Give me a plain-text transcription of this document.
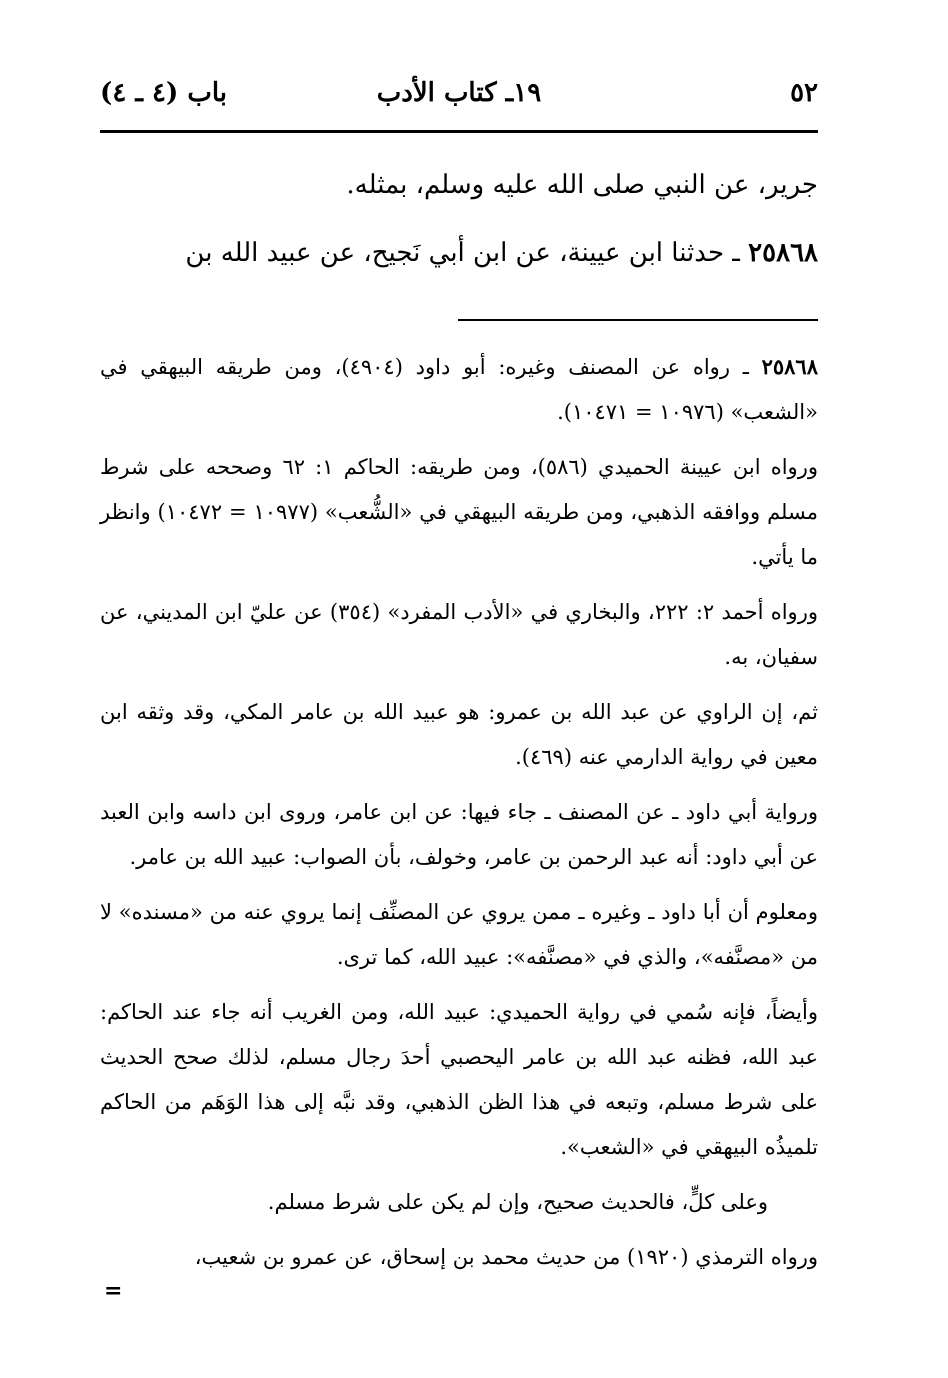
٥٢
١٩ـ كتاب الأدب
باب (٤ ـ ٤)

جرير، عن النبي صلى الله عليه وسلم، بمثله.

٢٥٨٦٨ ـ حدثنا ابن عيينة، عن ابن أبي نَجيح، عن عبيد الله بن

٢٥٨٦٨ ـ رواه عن المصنف وغيره: أبو داود (٤٩٠٤)، ومن طريقه البيهقي في «الشعب» (١٠٩٧٦ = ١٠٤٧١).

ورواه ابن عيينة الحميدي (٥٨٦)، ومن طريقه: الحاكم ١: ٦٢ وصححه على شرط مسلم ووافقه الذهبي، ومن طريقه البيهقي في «الشُّعب» (١٠٩٧٧ = ١٠٤٧٢) وانظر ما يأتي.

ورواه أحمد ٢: ٢٢٢، والبخاري في «الأدب المفرد» (٣٥٤) عن عليّ ابن المديني، عن سفيان، به.

ثم، إن الراوي عن عبد الله بن عمرو: هو عبيد الله بن عامر المكي، وقد وثقه ابن معين في رواية الدارمي عنه (٤٦٩).

ورواية أبي داود ـ عن المصنف ـ جاء فيها: عن ابن عامر، وروى ابن داسه وابن العبد عن أبي داود: أنه عبد الرحمن بن عامر، وخولف، بأن الصواب: عبيد الله بن عامر.

ومعلوم أن أبا داود ـ وغيره ـ ممن يروي عن المصنِّف إنما يروي عنه من «مسنده» لا من «مصنَّفه»، والذي في «مصنَّفه»: عبيد الله، كما ترى.

وأيضاً، فإنه سُمي في رواية الحميدي: عبيد الله، ومن الغريب أنه جاء عند الحاكم: عبد الله، فظنه عبد الله بن عامر اليحصبي أحدَ رجال مسلم، لذلك صحح الحديث على شرط مسلم، وتبعه في هذا الظن الذهبي، وقد نبَّه إلى هذا الوَهَم من الحاكم تلميذُه البيهقي في «الشعب».

وعلى كلٍّ، فالحديث صحيح، وإن لم يكن على شرط مسلم.

ورواه الترمذي (١٩٢٠) من حديث محمد بن إسحاق، عن عمرو بن شعيب،

=
